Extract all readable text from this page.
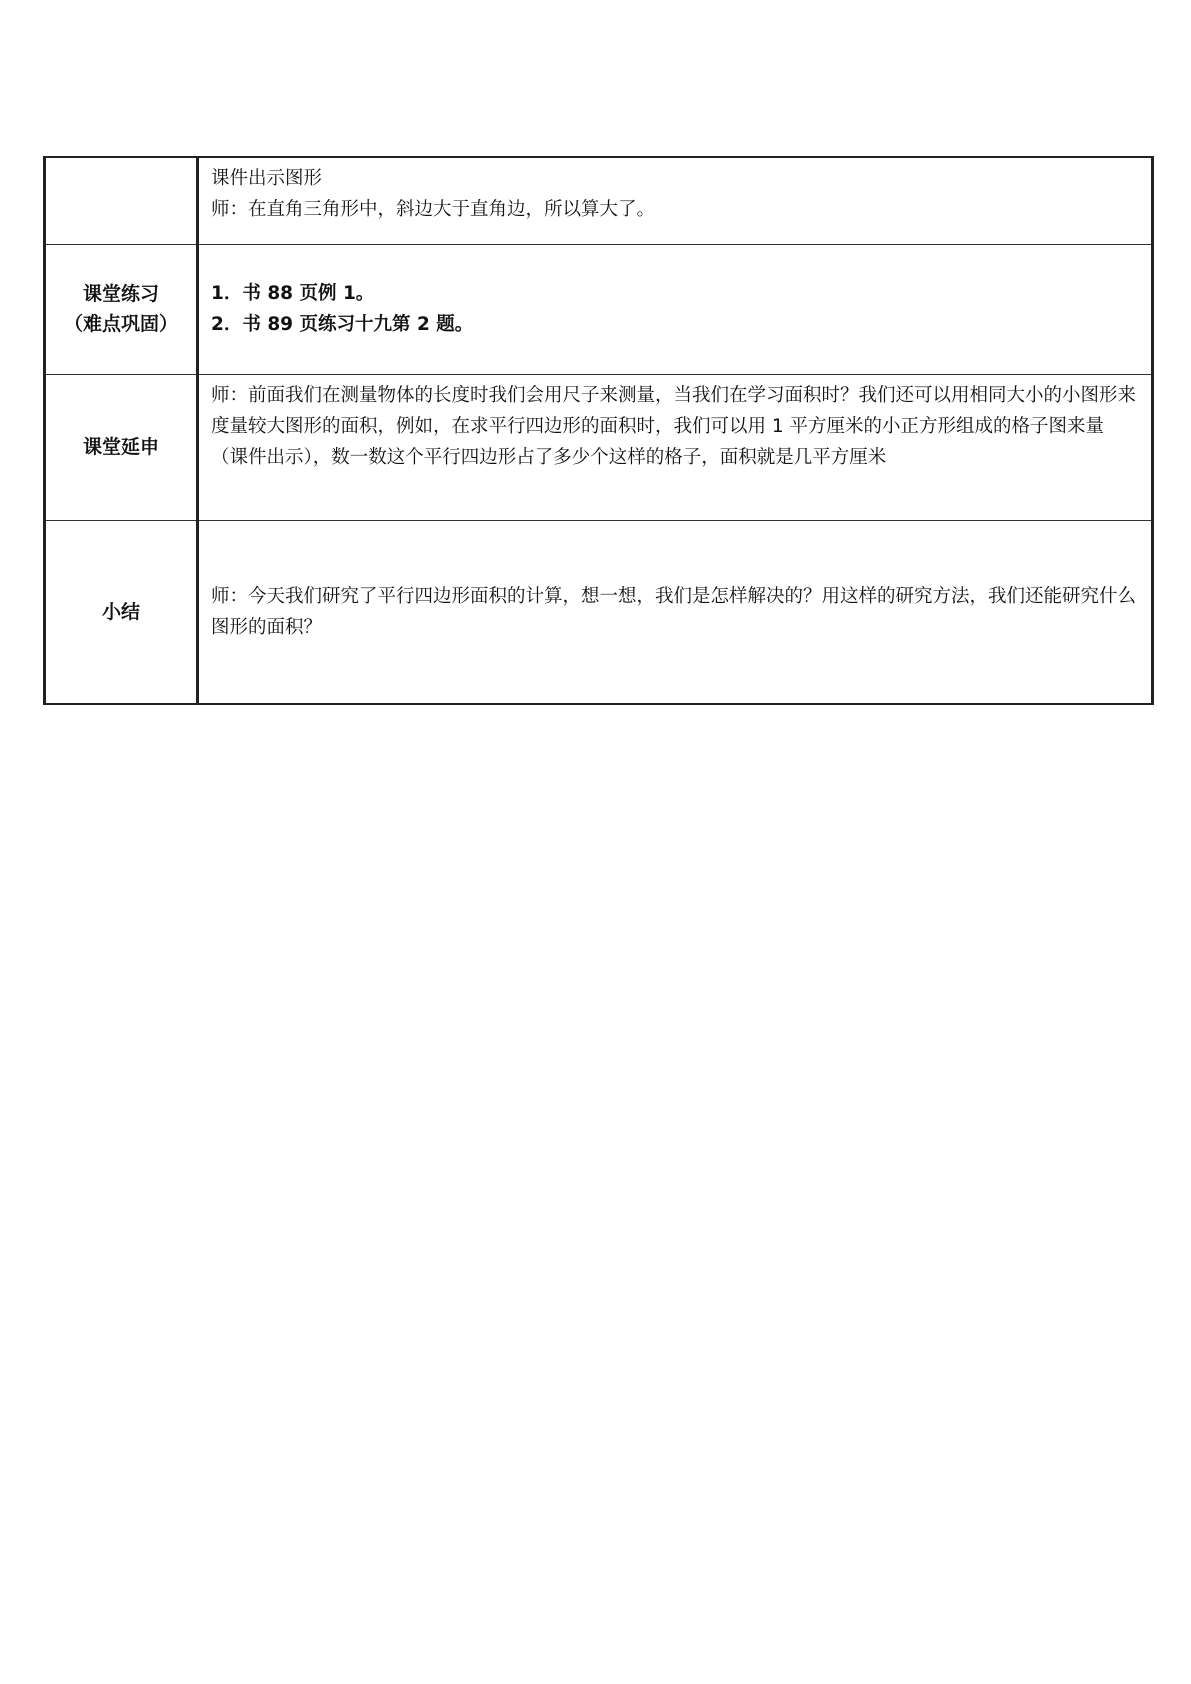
	课件出示图形
师：在直角三角形中，斜边大于直角边，所以算大了。

课堂练习
（难点巩固）	1．书 88 页例 1。
2．书 89 页练习十九第 2 题。

课堂延申	师：前面我们在测量物体的长度时我们会用尺子来测量，当我们在学习面积时？我们还可以用相同大小的小图形来度量较大图形的面积，例如，在求平行四边形的面积时，我们可以用 1 平方厘米的小正方形组成的格子图来量（课件出示），数一数这个平行四边形占了多少个这样的格子，面积就是几平方厘米

小结	师：今天我们研究了平行四边形面积的计算，想一想，我们是怎样解决的？用这样的研究方法，我们还能研究什么图形的面积？
